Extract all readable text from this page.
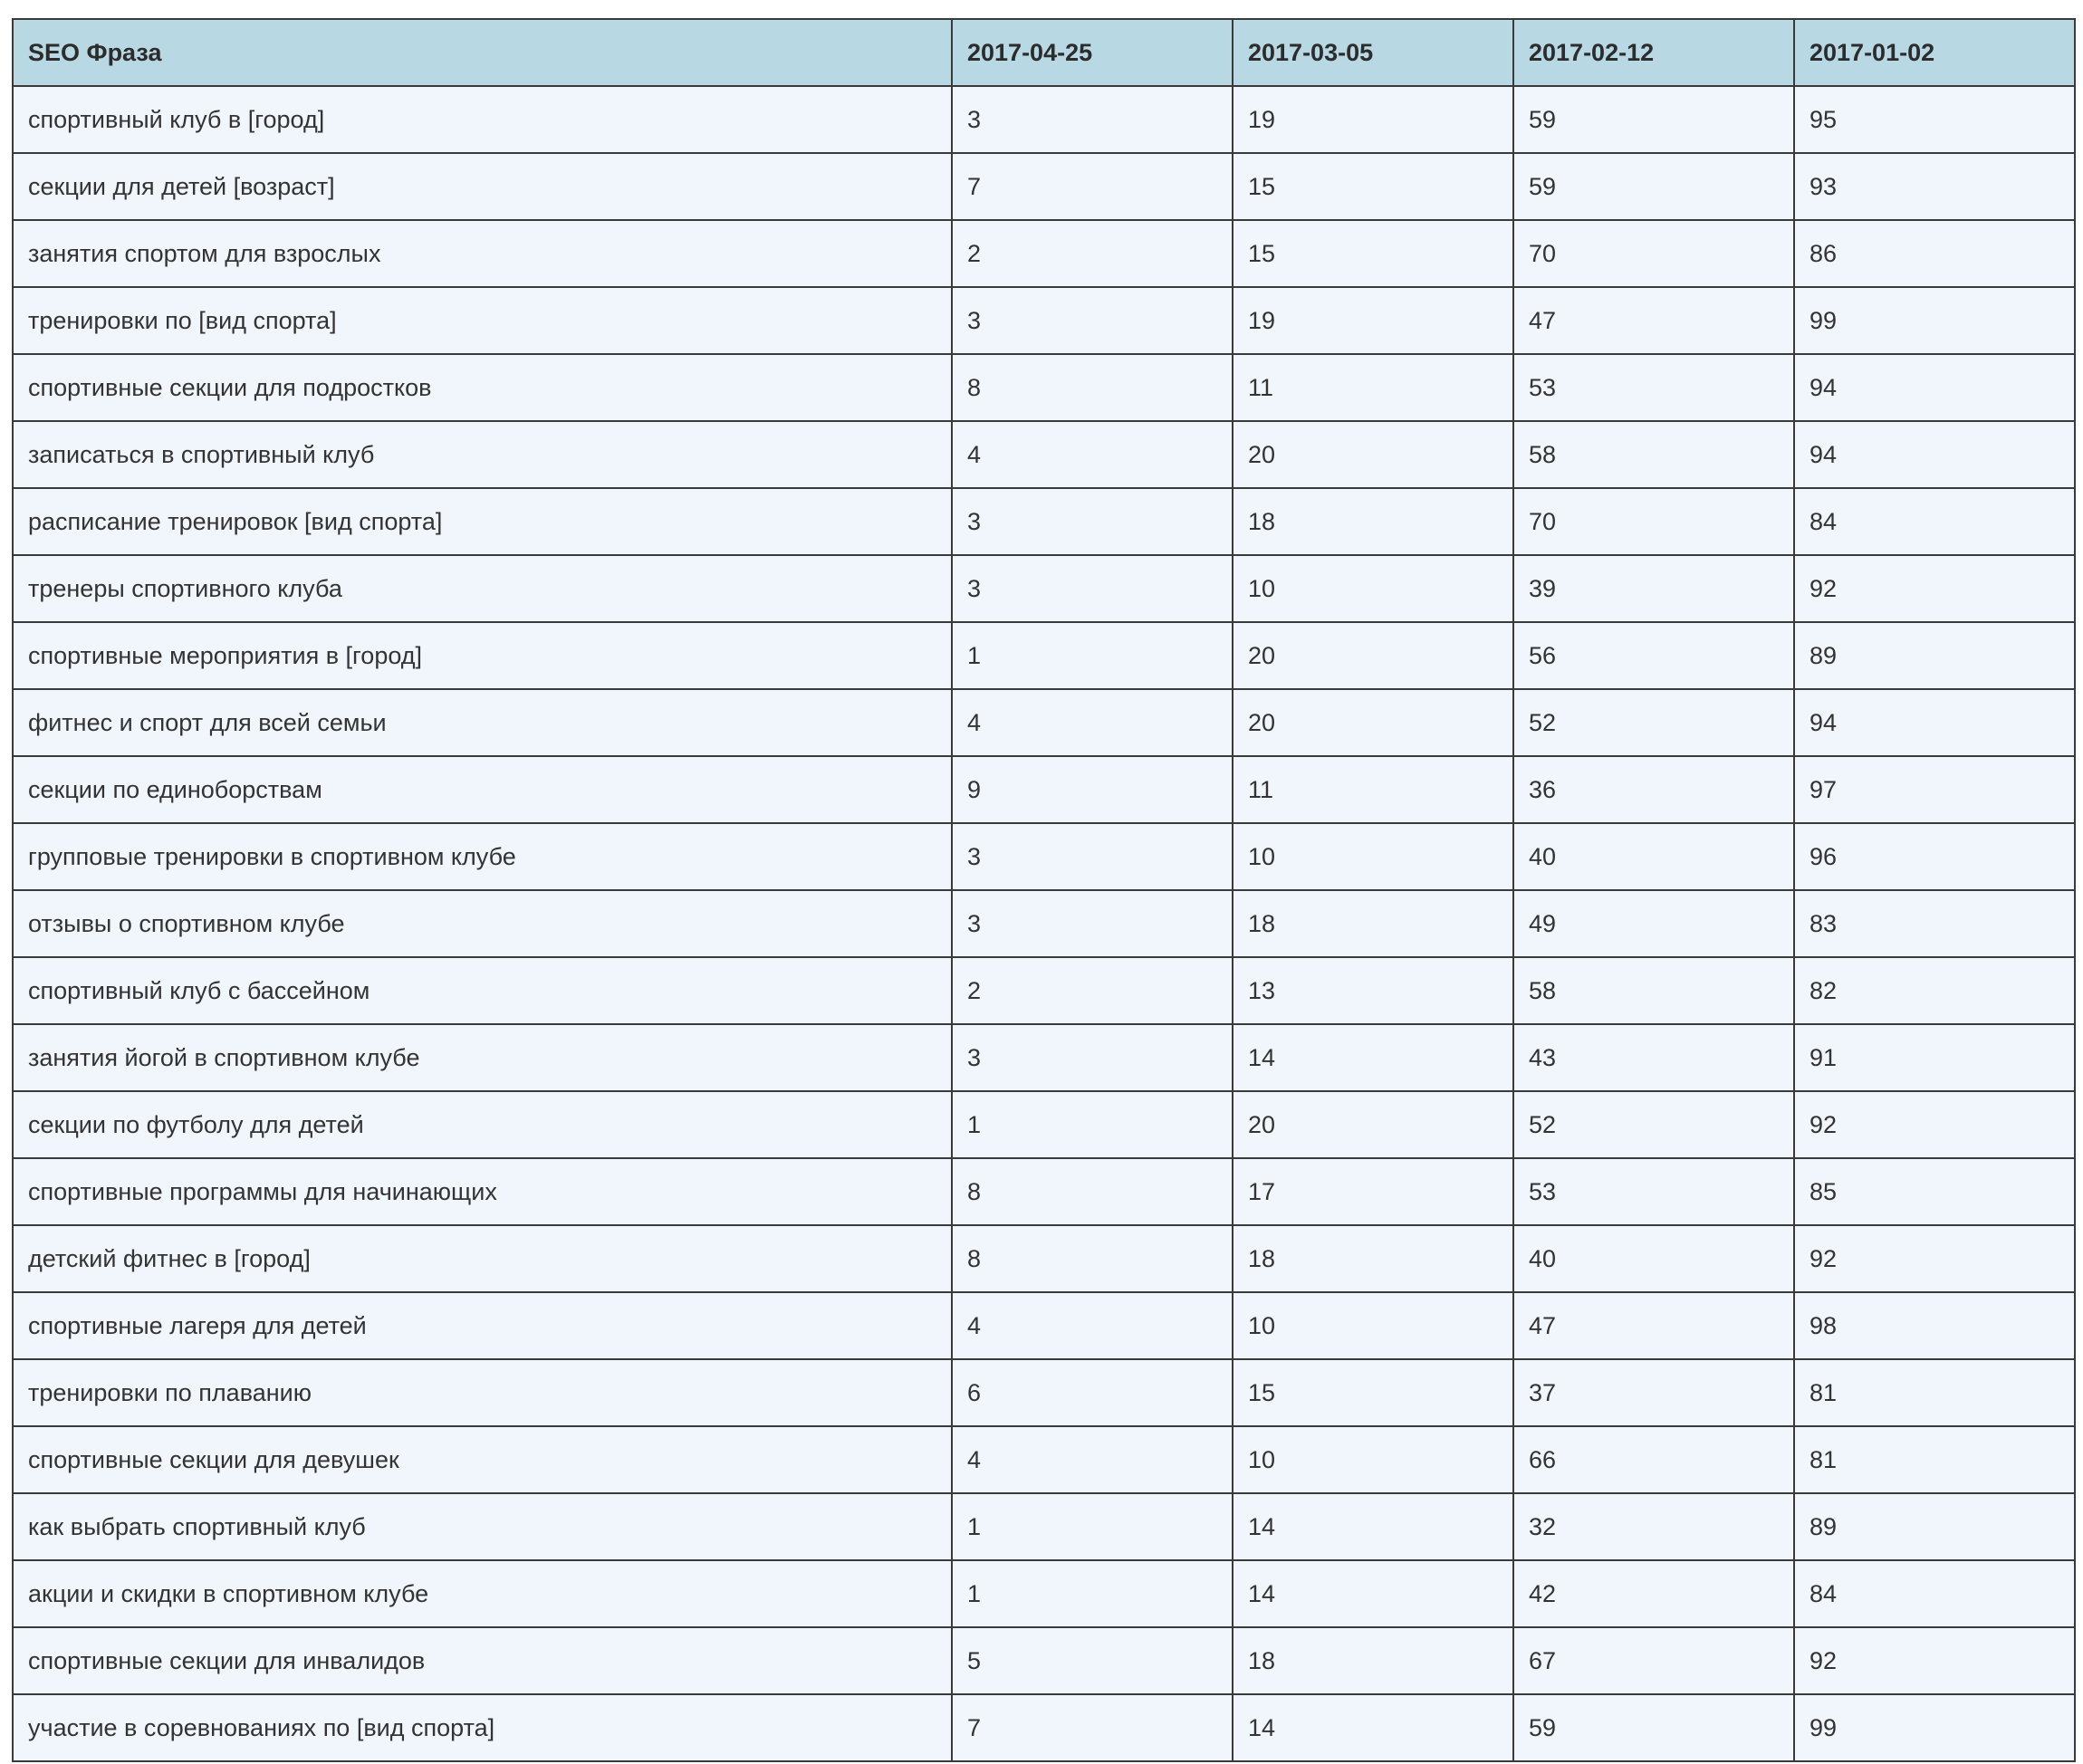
SEO Фраза	2017-04-25	2017-03-05	2017-02-12	2017-01-02
спортивный клуб в [город]	3	19	59	95
секции для детей [возраст]	7	15	59	93
занятия спортом для взрослых	2	15	70	86
тренировки по [вид спорта]	3	19	47	99
спортивные секции для подростков	8	11	53	94
записаться в спортивный клуб	4	20	58	94
расписание тренировок [вид спорта]	3	18	70	84
тренеры спортивного клуба	3	10	39	92
спортивные мероприятия в [город]	1	20	56	89
фитнес и спорт для всей семьи	4	20	52	94
секции по единоборствам	9	11	36	97
групповые тренировки в спортивном клубе	3	10	40	96
отзывы о спортивном клубе	3	18	49	83
спортивный клуб с бассейном	2	13	58	82
занятия йогой в спортивном клубе	3	14	43	91
секции по футболу для детей	1	20	52	92
спортивные программы для начинающих	8	17	53	85
детский фитнес в [город]	8	18	40	92
спортивные лагеря для детей	4	10	47	98
тренировки по плаванию	6	15	37	81
спортивные секции для девушек	4	10	66	81
как выбрать спортивный клуб	1	14	32	89
акции и скидки в спортивном клубе	1	14	42	84
спортивные секции для инвалидов	5	18	67	92
участие в соревнованиях по [вид спорта]	7	14	59	99
